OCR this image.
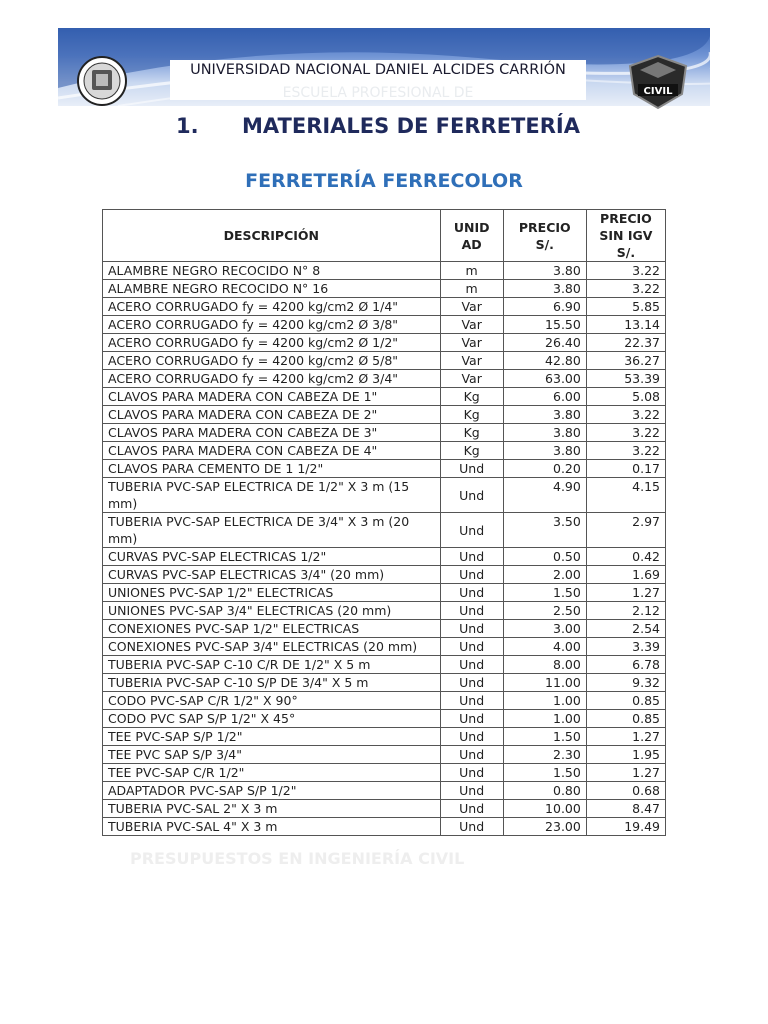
UNIVERSIDAD NACIONAL DANIEL ALCIDES CARRIÓN
ESCUELA PROFESIONAL DE	CIVIL
1. MATERIALES DE FERRETERÍA
FERRETERÍA FERRECOLOR
PRESUPUESTOS EN INGENIERÍA CIVIL
DESCRIPCIÓN	UNID AD	PRECIO S/.	PRECIO SIN IGV S/.
ALAMBRE NEGRO RECOCIDO N° 8	m	3.80	3.22
ALAMBRE NEGRO RECOCIDO N° 16	m	3.80	3.22
ACERO CORRUGADO fy = 4200 kg/cm2 Ø 1/4"	Var	6.90	5.85
ACERO CORRUGADO fy = 4200 kg/cm2 Ø 3/8"	Var	15.50	13.14
ACERO CORRUGADO fy = 4200 kg/cm2 Ø 1/2"	Var	26.40	22.37
ACERO CORRUGADO fy = 4200 kg/cm2 Ø 5/8"	Var	42.80	36.27
ACERO CORRUGADO fy = 4200 kg/cm2 Ø 3/4"	Var	63.00	53.39
CLAVOS PARA MADERA CON CABEZA DE 1"	Kg	6.00	5.08
CLAVOS PARA MADERA CON CABEZA DE 2"	Kg	3.80	3.22
CLAVOS PARA MADERA CON CABEZA DE 3"	Kg	3.80	3.22
CLAVOS PARA MADERA CON CABEZA DE 4"	Kg	3.80	3.22
CLAVOS PARA CEMENTO DE 1 1/2"	Und	0.20	0.17
TUBERIA PVC-SAP ELECTRICA DE 1/2" X 3 m (15 mm)	Und	4.90	4.15
TUBERIA PVC-SAP ELECTRICA DE 3/4" X 3 m (20 mm)	Und	3.50	2.97
CURVAS PVC-SAP ELECTRICAS 1/2"	Und	0.50	0.42
CURVAS PVC-SAP ELECTRICAS 3/4" (20 mm)	Und	2.00	1.69
UNIONES PVC-SAP 1/2" ELECTRICAS	Und	1.50	1.27
UNIONES PVC-SAP 3/4" ELECTRICAS (20 mm)	Und	2.50	2.12
CONEXIONES PVC-SAP 1/2" ELECTRICAS	Und	3.00	2.54
CONEXIONES PVC-SAP 3/4" ELECTRICAS (20 mm)	Und	4.00	3.39
TUBERIA PVC-SAP C-10 C/R DE 1/2" X 5 m	Und	8.00	6.78
TUBERIA PVC-SAP C-10 S/P DE 3/4" X 5 m	Und	11.00	9.32
CODO PVC-SAP C/R 1/2" X 90°	Und	1.00	0.85
CODO PVC SAP S/P 1/2" X 45°	Und	1.00	0.85
TEE PVC-SAP S/P 1/2"	Und	1.50	1.27
TEE PVC SAP S/P 3/4"	Und	2.30	1.95
TEE PVC-SAP C/R 1/2"	Und	1.50	1.27
ADAPTADOR PVC-SAP S/P 1/2"	Und	0.80	0.68
TUBERIA PVC-SAL 2" X 3 m	Und	10.00	8.47
TUBERIA PVC-SAL 4" X 3 m	Und	23.00	19.49
